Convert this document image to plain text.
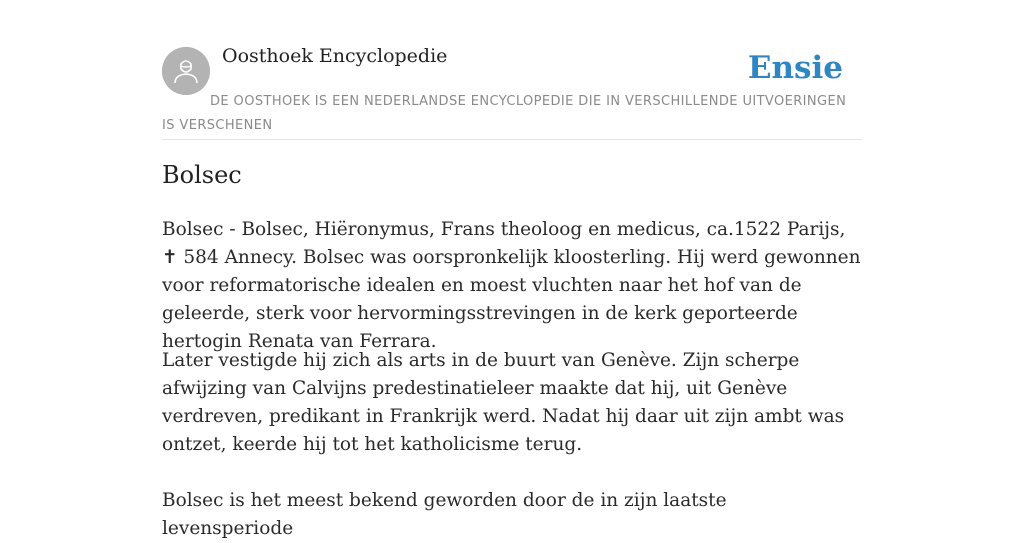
Oosthoek Encyclopedie	Ensie
DE OOSTHOEK IS EEN NEDERLANDSE ENCYCLOPEDIE DIE IN VERSCHILLENDE UITVOERINGEN IS VERSCHENEN
Bolsec

Bolsec - Bolsec, Hiëronymus, Frans theoloog en medicus, ca.1522 Parijs, ✝ 584 Annecy. Bolsec was oorspronkelijk kloosterling. Hij werd gewonnen voor reformatorische idealen en moest vluchten naar het hof van de geleerde, sterk voor hervormingsstrevingen in de kerk geporteerde hertogin Renata van Ferrara.

Later vestigde hij zich als arts in de buurt van Genève. Zijn scherpe afwijzing van Calvijns predestinatieleer maakte dat hij, uit Genève verdreven, predikant in Frankrijk werd. Nadat hij daar uit zijn ambt was ontzet, keerde hij tot het katholicisme terug.

Bolsec is het meest bekend geworden door de in zijn laatste levensperiode
